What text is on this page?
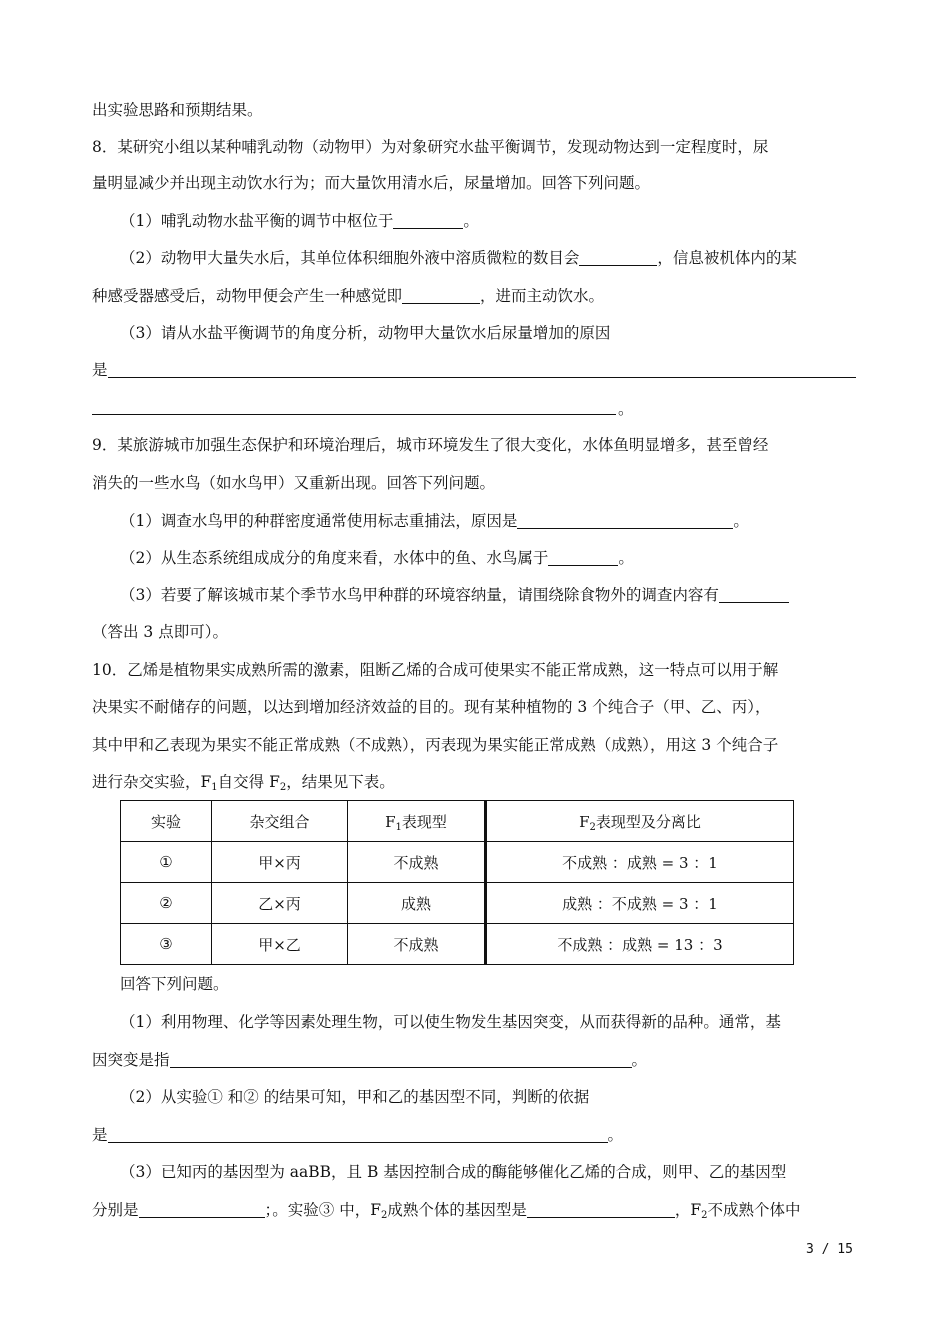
出实验思路和预期结果。
8．某研究小组以某种哺乳动物（动物甲）为对象研究水盐平衡调节，发现动物达到一定程度时，尿
量明显减少并出现主动饮水行为；而大量饮用清水后，尿量增加。回答下列问题。
（1）哺乳动物水盐平衡的调节中枢位于	。
（2）动物甲大量失水后，其单位体积细胞外液中溶质微粒的数目会	，信息被机体内的某
种感受器感受后，动物甲便会产生一种感觉即	，进而主动饮水。
（3）请从水盐平衡调节的角度分析，动物甲大量饮水后尿量增加的原因
是
。
9．某旅游城市加强生态保护和环境治理后，城市环境发生了很大变化，水体鱼明显增多，甚至曾经
消失的一些水鸟（如水鸟甲）又重新出现。回答下列问题。
（1）调查水鸟甲的种群密度通常使用标志重捕法，原因是	。
（2）从生态系统组成成分的角度来看，水体中的鱼、水鸟属于	。
（3）若要了解该城市某个季节水鸟甲种群的环境容纳量，请围绕除食物外的调查内容有
（答出 3 点即可）。
10．乙烯是植物果实成熟所需的激素，阻断乙烯的合成可使果实不能正常成熟，这一特点可以用于解
决果实不耐储存的问题，以达到增加经济效益的目的。现有某种植物的 3 个纯合子（甲、乙、丙），
其中甲和乙表现为果实不能正常成熟（不成熟），丙表现为果实能正常成熟（成熟），用这 3 个纯合子
进行杂交实验，$F_1$自交得 $F_2$，结果见下表。
实验	杂交组合	$F_1$表现型	$F_2$表现型及分离比
①	甲×丙	不成熟	不成熟 ：成熟 = 3 ：1
②	乙×丙	成熟	成熟 ：不成熟 = 3 ：1
③	甲×乙	不成熟	不成熟 ：成熟 = 13 ：3
回答下列问题。
（1）利用物理、化学等因素处理生物，可以使生物发生基因突变，从而获得新的品种。通常，基
因突变是指	。
（2）从实验① 和② 的结果可知，甲和乙的基因型不同，判断的依据
是	。
（3）已知丙的基因型为 aaBB，且 B 基因控制合成的酶能够催化乙烯的合成，则甲、乙的基因型
分别是	；。实验③ 中，$F_2$成熟个体的基因型是	，$F_2$不成熟个体中
3 / 15
